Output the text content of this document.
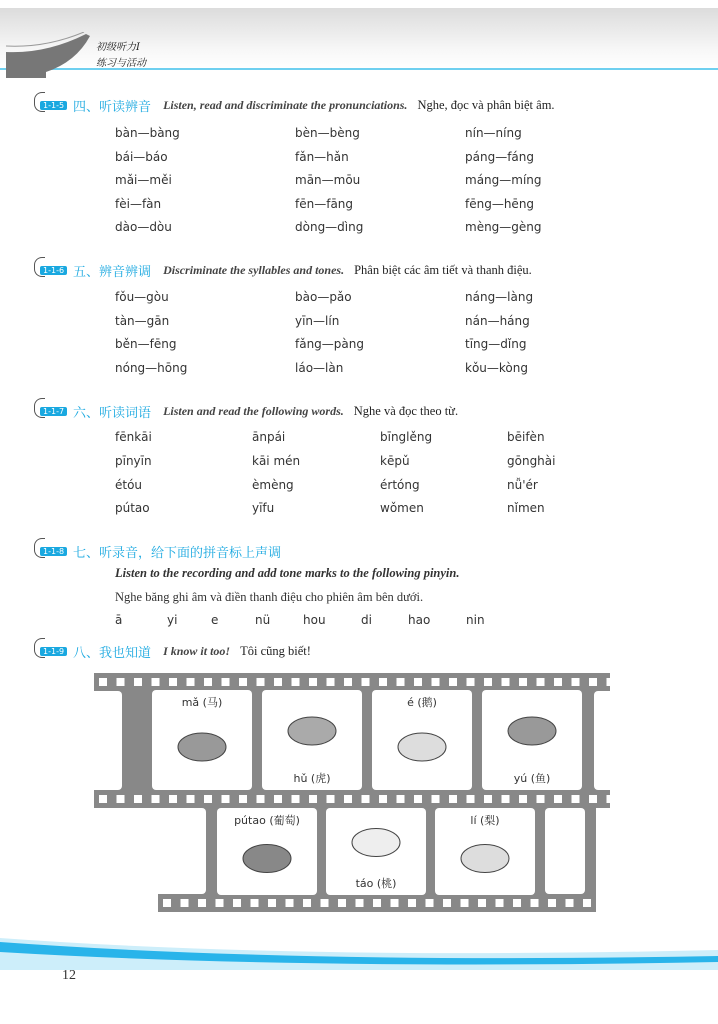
初级听力Ⅰ
练习与活动
1-1-5 四、听读辨音 Listen, read and discriminate the pronunciations. Nghe, đọc và phân biệt âm.
bàn—bàng	bèn—bèng	nín—níng
bái—báo	fǎn—hǎn	páng—fáng
mǎi—měi	mān—mōu	máng—míng
fèi—fàn	fēn—fāng	fēng—hēng
dào—dòu	dòng—dìng	mèng—gèng
1-1-6 五、辨音辨调 Discriminate the syllables and tones. Phân biệt các âm tiết và thanh điệu.
fǒu—gòu	bào—pǎo	náng—làng
tàn—gān	yīn—lín	nán—háng
běn—fēng	fǎng—pàng	tīng—dǐng
nóng—hōng	láo—làn	kǒu—kòng
1-1-7 六、听读词语 Listen and read the following words. Nghe và đọc theo từ.
fēnkāi	ānpái	bīnglěng	bēifèn
pīnyīn	kāi mén	kēpǔ	gōnghài
étóu	èmèng	értóng	nǚ'ér
pútao	yīfu	wǒmen	nǐmen
1-1-8 七、听录音，给下面的拼音标上声调
Listen to the recording and add tone marks to the following pinyin.
Nghe băng ghi âm và điền thanh điệu cho phiên âm bên dưới.
ā	yi	e	nü	hou	di	hao	nin
1-1-9 八、我也知道 I know it too! Tôi cũng biết!
mǎ (马)
hǔ (虎)
é (鹅)
yú (鱼)
pútao (葡萄)
táo (桃)
lí (梨)
12
